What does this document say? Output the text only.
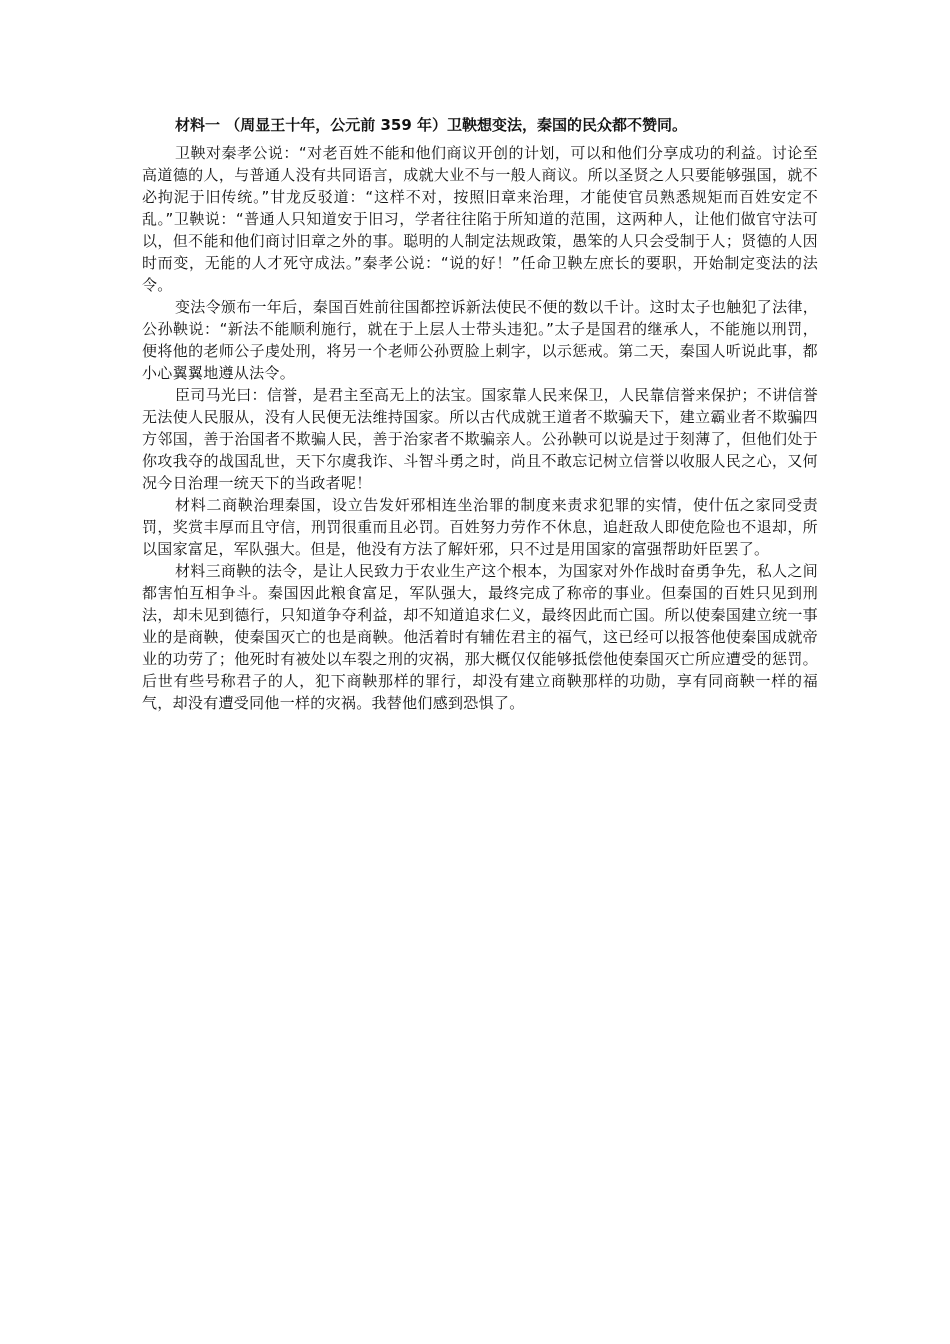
材料一 （周显王十年，公元前 359 年）卫鞅想变法，秦国的民众都不赞同。

卫鞅对秦孝公说：“对老百姓不能和他们商议开创的计划，可以和他们分享成功的利益。讨论至高道德的人，与普通人没有共同语言，成就大业不与一般人商议。所以圣贤之人只要能够强国，就不必拘泥于旧传统。”甘龙反驳道：“这样不对，按照旧章来治理，才能使官员熟悉规矩而百姓安定不乱。”卫鞅说：“普通人只知道安于旧习，学者往往陷于所知道的范围，这两种人，让他们做官守法可以，但不能和他们商讨旧章之外的事。聪明的人制定法规政策，愚笨的人只会受制于人；贤德的人因时而变，无能的人才死守成法。”秦孝公说：“说的好！”任命卫鞅左庶长的要职，开始制定变法的法令。

变法令颁布一年后，秦国百姓前往国都控诉新法使民不便的数以千计。这时太子也触犯了法律，公孙鞅说：“新法不能顺利施行，就在于上层人士带头违犯。”太子是国君的继承人，不能施以刑罚，便将他的老师公子虔处刑，将另一个老师公孙贾脸上刺字，以示惩戒。第二天，秦国人听说此事，都小心翼翼地遵从法令。

臣司马光曰：信誉，是君主至高无上的法宝。国家靠人民来保卫，人民靠信誉来保护；不讲信誉无法使人民服从，没有人民便无法维持国家。所以古代成就王道者不欺骗天下，建立霸业者不欺骗四方邻国，善于治国者不欺骗人民，善于治家者不欺骗亲人。公孙鞅可以说是过于刻薄了，但他们处于你攻我夺的战国乱世，天下尔虞我诈、斗智斗勇之时，尚且不敢忘记树立信誉以收服人民之心，又何况今日治理一统天下的当政者呢！

材料二商鞅治理秦国，设立告发奸邪相连坐治罪的制度来责求犯罪的实情，使什伍之家同受责罚，奖赏丰厚而且守信，刑罚很重而且必罚。百姓努力劳作不休息，追赶敌人即使危险也不退却，所以国家富足，军队强大。但是，他没有方法了解奸邪，只不过是用国家的富强帮助奸臣罢了。

材料三商鞅的法令，是让人民致力于农业生产这个根本，为国家对外作战时奋勇争先，私人之间都害怕互相争斗。秦国因此粮食富足，军队强大，最终完成了称帝的事业。但秦国的百姓只见到刑法，却未见到德行，只知道争夺利益，却不知道追求仁义，最终因此而亡国。所以使秦国建立统一事业的是商鞅，使秦国灭亡的也是商鞅。他活着时有辅佐君主的福气，这已经可以报答他使秦国成就帝业的功劳了；他死时有被处以车裂之刑的灾祸，那大概仅仅能够抵偿他使秦国灭亡所应遭受的惩罚。后世有些号称君子的人，犯下商鞅那样的罪行，却没有建立商鞅那样的功勋，享有同商鞅一样的福气，却没有遭受同他一样的灾祸。我替他们感到恐惧了。
